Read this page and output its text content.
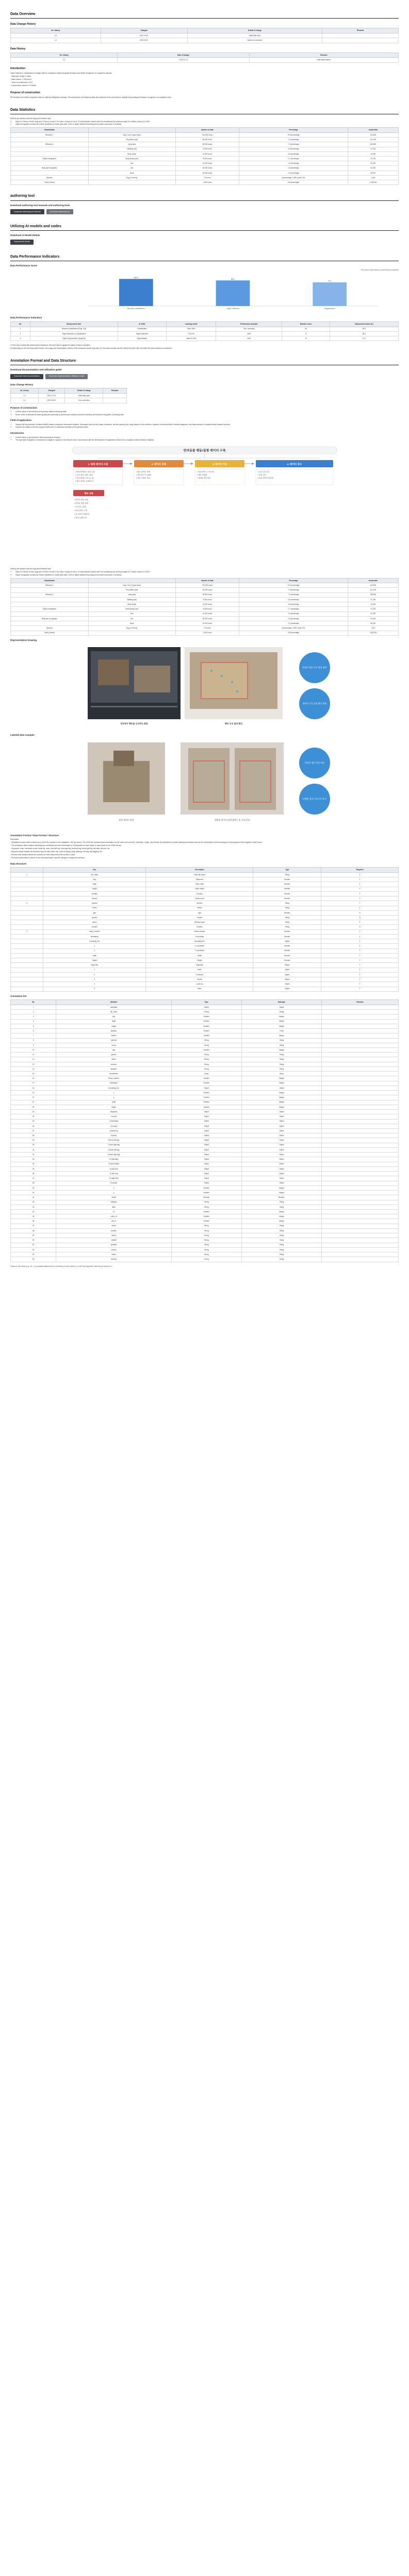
Data Overview
Data Change History
Ver. history	Changed	Details of change	Remarks
1.0	2021-10-31	Initial data open	
1.1	2022-06-21	Data error correction	
Data History
Ver. history	Date of change	Remarks
1.0	2022-01-14	Initial data creation
Introduction

Object detection, classification & image data for companion animal (dog/cat) behavior and health recognition of companion animals

- Data type: Image & video

- Data volume: 1,000 hours

- Years of construction: 2021

- Construction volume: 1.3 million

Purpose of construction

Pet behavior and health recognition data for artificial intelligence learning. The construction of AI learning data will contribute to the pet behavior analysis by providing AI behavior recognition of companion pets.

Data Statistics

Data by pet species (cat and dog) and behavior type

• Data of 13 items of both dogs and 12 items of cats (7 for video, 6 types of cat or 13 total keypoint cases) were led considering the previous target of 1 million (video) & 10,000.
• Object recognition models are further classified to create year-wise 1,000 or higher labelled bounding boxes (when consumer in demand)
Classification		Number of data	Percentage	Actual data
Behavior 1	Dog / Cat (7 types each)	120,000 hours	70.5 percentage	143,600
	Sit position (cat)	60,000 hours	7.2 percentage	101,420
Behavior 2	Lying (cat)	36,000 hours	7.2 percentage	108,690
	Walking (cat)	9,000 hours	6.5 percentage	97,430
	Body shape	10,000 hours	4.8 percentage	42,400
Object recognition	Body shape (cat)	8,000 hours	2.7 percentage	31,230
	Eye	10,000 hours	1.2 percentage	60,300
Body part recognition	Ear	30,000 hours	1.8 percentage	81,600
	Nose	30,000 hours	2.2 percentage	65,200
Species	Dog (7 breeds)	7.5 hours	A percentage 1,000 & total 70%	1,000
Total (4 items)		1,000 hours	100 percentage	1,300,000
authoring tool
Download authoring tool manuals and authoring tools
Download authoring tool Manual	Download authoring tool
Utilizing AI models and codes
Download AI Model Details
Download AI Model
Data Performance Indicators
Data Performance Score
The score is rated based on performance evaluation
84.9
Behavior classification
80.2
Object detection
74.1
Segmentation
Data Performance Indicators
No.	Measurement item	AI TASK	Learning model	Performance Indicator	Baseline score	Measurement value (%)
1	Behavior classification (Dog, Cat)	Classification	Video Swin	Top-1 accuracy	80	84.9
2	Object Detection & Classification	Object detection	YOLOv5	mAP	70	80.2
3	Object Segmentation (Dog/Cat)	Segmentation	Mask R-CNN	mAP	70	74.1

1) Fine-tune models with performance indicators, with each item to gauge the status of future education.

2) Depending on the learning model chosen, the usage and interpretation criteria of the measured values may vary (i.e. the same number and the index).the same size, the better the performance is considered.

Annotation Format and Data Structure
Download documentation and utilization guide
Download Data Documentation	Download Implementation Utilization Guide
Data Change History
Ver. history	Changed	Details of change	Remarks
1.0	2021-10-31	Initial data open	
1.1	2022-06-21	Error correction	
Purpose of construction
• Collect videos of pet behavior and process data into learning data.
• Some of the constructed AI learning data pet ownership & performance related to animal ownership pet behavior recognition & learning data.
Field of application
• Support the improvement of animal health-related companion information systems. Information such as the shape, behaviors, and the species (pet, dog) based on the collection, research on animal health, medical diagnostic, and improvement of companionship domain services.
• Improve the quality of life and support health care of companion animals for the general public.
Introduction
• Collect videos of pet behavior, data processing & learning.
• Through data recognition & extraction by image AI, support in the behavior and in accordance with the development of application services for companion animal behavior analysis.
반려동물 행동/질병 데이터 구축
1. 원천 데이터 수집
• 반려견/반려묘 영상 수집
• 수집 대상: 13종, 12종
• 영상 촬영(스마트폰 등)
• 원천 데이터 1,000시간
2. 데이터 정제
• 원천 데이터 정제
• 개인정보 비식별화
• 영상 프레임 추출
3. 데이터 가공
• 바운딩박스 / 키포인트
• 행동 라벨링
• JSON 포맷 생성
4. 데이터 검수
• 1차 / 2차 검수
• 품질 검증
• 최종 데이터셋 확정
행동 유형
• 반려견 행동 13종
• 반려묘 행동 12종
• 키포인트 15개
• 바운딩박스 1개
• 총 데이터 130만건
• 영상 1,000시간

Data by pet species (cat and dog) and behavior type

• Data of 13 items of both dogs and 12 items of cats (7 for video, 6 types of cat or 13 total keypoint cases) were led considering the previous target of 1 million (video) & 10,000.
• Object recognition models are further classified to create year-wise 1,000 or higher labelled bounding boxes (when consumer in demand)
Classification		Number of data	Percentage	Actual data
Behavior 1	Dog / Cat (7 types each)	120,000 hours	70.5 percentage	143,600
	Sit position (cat)	60,000 hours	7.2 percentage	101,420
Behavior 2	Lying (cat)	36,000 hours	7.2 percentage	108,690
	Walking (cat)	9,000 hours	6.5 percentage	97,430
	Body shape	10,000 hours	4.8 percentage	42,400
Object recognition	Body shape (cat)	8,000 hours	2.7 percentage	31,230
	Eye	10,000 hours	1.2 percentage	60,300
Body part recognition	Ear	30,000 hours	1.8 percentage	81,600
	Nose	30,000 hours	2.2 percentage	65,200
Species	Dog (7 breeds)	7.5 hours	A percentage 1,000 & total 70%	1,000
Total (4 items)		1,000 hours	100 percentage	1,300,000
Representative Drawing
영상에서 행동을 인식하는 화면	행동 인식 결과 확인
반려견 행동 인식 영상 화면
반려견 인식 결과 확인 화면
Labeled data example
원천 데이터 영상	라벨링 데이터 (바운딩박스 및 키포인트)
반려견 행동 원천 영상
라벨링 결과 키포인트 표시
Annotation Format / Data Format / Structure

Annotation

- Metadata for each video is stored as a JSON file (number of the metadata, 1 file per video). The JSON file contains basic information on the video such as its ID, resolution, length, and frames; the annotation includes labeling information such as the coordinates of the bounding box and keypoints of the dog/cat in each frame.

- The annotation data contains bounding box coordinates and the coordinates of 15 keypoints for each object in each frame in the JSON format.

- Keypoints: nose, forehead, mouth, lower lip, neck, front left leg, front right leg, back left leg, back right leg, tail start, tail end, etc.

- Behavior labels indicate the behavior type for each video clip, such as sitting, lying, walking, running, tail wagging, etc.

- Emotion and situation labels are included for video clips where the context is clear.

- Pet breed information is stored in the meta information, and the category of dog/cat is included.

Data Structure
	Key	Description	Type	Required
1	file_video	Video file name	String	Y
	seq	Sequence	Number	Y
	width	Video width	Number	Y
	height	Video height	Number	Y
	duration	Duration	Number	Y
	frames	Frame count	Number	Y
2	species	Species	String	Y
	breed	Breed	String	Y
	age	Age	Number	N
	gender	Gender	String	N
	action	Behavior type	String	Y
	emotion	Emotion	String	N
3	frame_number	Frame number	Number	Y
	timestamp	Time stamp	Number	Y
	bounding_box	Bounding box	Object	Y
	x	X coordinate	Number	Y
	y	Y coordinate	Number	Y
	width	Width	Number	Y
	height	Height	Number	Y
	keypoints	Keypoints	Object	Y
	1	Nose	Object	Y
	2	Forehead	Object	Y
	3	Mouth	Object	Y
	4	Lower lip	Object	Y
	5	Neck	Object	Y
Annotation list
No.	Attribute	Type	Data type	Remarks
1	metadata	Object	Object	
2	file_video	String	String	
3	seq	Number	Integer	
4	width	Number	Integer	
5	height	Number	Integer	
6	duration	Number	Float	
7	frames	Number	Integer	
8	species	String	String	
9	breed	String	String	
10	age	Number	Integer	
11	gender	String	String	
12	action	String	String	
13	emotion	String	String	
14	situation	String	String	
15	annotations	Array	Array	
16	frame_number	Number	Integer	
17	timestamp	Number	Integer	
18	bounding_box	Object	Object	
19	x	Number	Integer	
20	y	Number	Integer	
21	width	Number	Integer	
22	height	Number	Integer	
23	keypoints	Object	Object	
24	1 (nose)	Object	Object	
25	2 (forehead)	Object	Object	
26	3 (mouth)	Object	Object	
27	4 (lower lip)	Object	Object	
28	5 (neck)	Object	Object	
29	6 (front left leg)	Object	Object	
30	7 (front right leg)	Object	Object	
31	8 (back left leg)	Object	Object	
32	9 (back right leg)	Object	Object	
33	10 (tail start)	Object	Object	
34	11 (tail middle)	Object	Object	
35	12 (tail end)	Object	Object	
36	13 (left ear)	Object	Object	
37	14 (right ear)	Object	Object	
38	15 (back)	Object	Object	
39	x	Number	Integer	
40	y	Number	Integer	
41	visible	Boolean	Boolean	
42	category	String	String	
43	label	String	String	
44	id	Number	Integer	
45	video_id	Number	Integer	
46	pet_id	Number	Integer	
47	owner	String	String	
48	location	String	String	
49	device	String	String	
50	created	String	String	
51	updated	String	String	
52	version	String	String	
53	status	String	String	
54	remarks	String	String	
*Notes on the choice (e.g. 2 A… in a practical dataset there is a tendency to add a total of 1 to 150 'Not Supported' elements per section of 1
